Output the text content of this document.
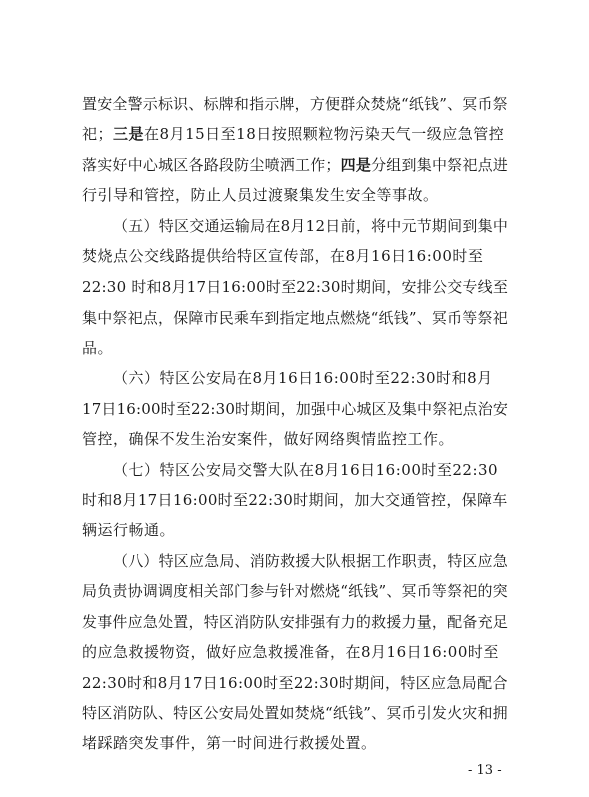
置安全警示标识、标牌和指示牌，方便群众焚烧“纸钱”、冥币祭
祀；三是在8月15日至18日按照颗粒物污染天气一级应急管控
落实好中心城区各路段防尘喷洒工作；四是分组到集中祭祀点进
行引导和管控，防止人员过渡聚集发生安全等事故。
（五）特区交通运输局在8月12日前，将中元节期间到集中
焚烧点公交线路提供给特区宣传部，在8月16日16:00时至
22:30 时和8月17日16:00时至22:30时期间，安排公交专线至
集中祭祀点，保障市民乘车到指定地点燃烧“纸钱”、冥币等祭祀
品。
（六）特区公安局在8月16日16:00时至22:30时和8月
17日16:00时至22:30时期间，加强中心城区及集中祭祀点治安
管控，确保不发生治安案件，做好网络舆情监控工作。
（七）特区公安局交警大队在8月16日16:00时至22:30
时和8月17日16:00时至22:30时期间，加大交通管控，保障车
辆运行畅通。
（八）特区应急局、消防救援大队根据工作职责，特区应急
局负责协调调度相关部门参与针对燃烧“纸钱”、冥币等祭祀的突
发事件应急处置，特区消防队安排强有力的救援力量，配备充足
的应急救援物资，做好应急救援准备，在8月16日16:00时至
22:30时和8月17日16:00时至22:30时期间，特区应急局配合
特区消防队、特区公安局处置如焚烧“纸钱”、冥币引发火灾和拥
堵踩踏突发事件，第一时间进行救援处置。
- 13 -
